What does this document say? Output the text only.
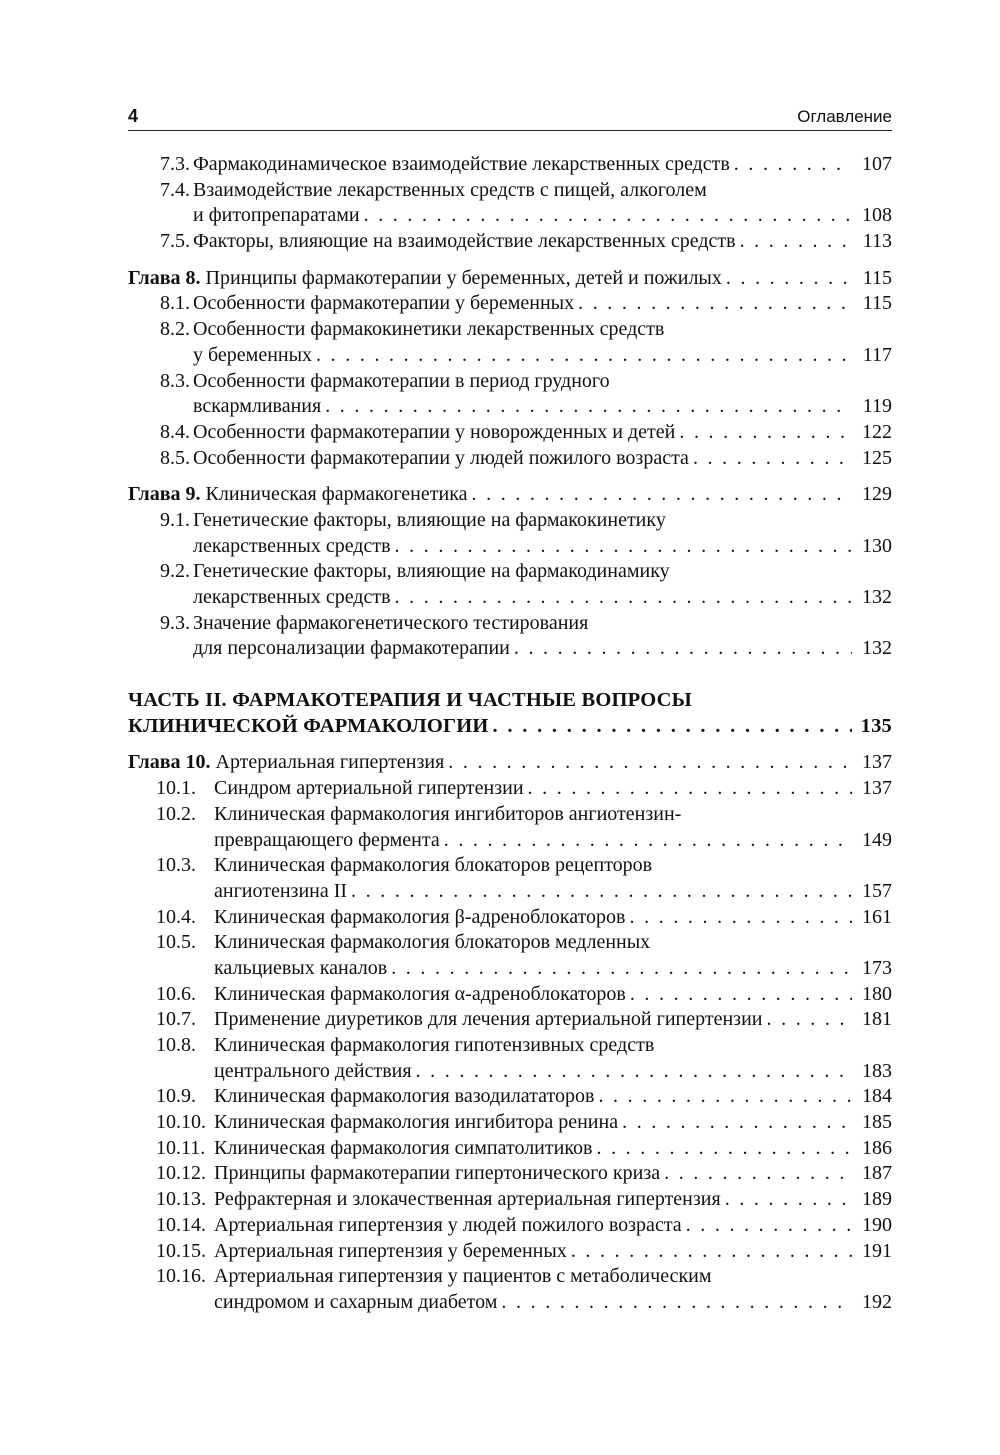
4	Оглавление
7.3. Фармакодинамическое взаимодействие лекарственных средств . . .	107
7.4. Взаимодействие лекарственных средств с пищей, алкоголем
и фитопрепаратами . . .	108
7.5. Факторы, влияющие на взаимодействие лекарственных средств . . .	113
Глава 8. Принципы фармакотерапии у беременных, детей и пожилых . . .	115
8.1. Особенности фармакотерапии у беременных . . .	115
8.2. Особенности фармакокинетики лекарственных средств
у беременных . . .	117
8.3. Особенности фармакотерапии в период грудного
вскармливания . . .	119
8.4. Особенности фармакотерапии у новорожденных и детей . . .	122
8.5. Особенности фармакотерапии у людей пожилого возраста . . .	125
Глава 9. Клиническая фармакогенетика . . .	129
9.1. Генетические факторы, влияющие на фармакокинетику
лекарственных средств . . .	130
9.2. Генетические факторы, влияющие на фармакодинамику
лекарственных средств . . .	132
9.3. Значение фармакогенетического тестирования
для персонализации фармакотерапии . . .	132
ЧАСТЬ II. ФАРМАКОТЕРАПИЯ И ЧАСТНЫЕ ВОПРОСЫ
КЛИНИЧЕСКОЙ ФАРМАКОЛОГИИ . . .	135
Глава 10. Артериальная гипертензия . . .	137
10.1. Синдром артериальной гипертензии . . .	137
10.2. Клиническая фармакология ингибиторов ангиотензин-
превращающего фермента . . .	149
10.3. Клиническая фармакология блокаторов рецепторов
ангиотензина II . . .	157
10.4. Клиническая фармакология β-адреноблокаторов . . .	161
10.5. Клиническая фармакология блокаторов медленных
кальциевых каналов . . .	173
10.6. Клиническая фармакология α-адреноблокаторов . . .	180
10.7. Применение диуретиков для лечения артериальной гипертензии . . .	181
10.8. Клиническая фармакология гипотензивных средств
центрального действия . . .	183
10.9. Клиническая фармакология вазодилататоров . . .	184
10.10. Клиническая фармакология ингибитора ренина . . .	185
10.11. Клиническая фармакология симпатолитиков . . .	186
10.12. Принципы фармакотерапии гипертонического криза . . .	187
10.13. Рефрактерная и злокачественная артериальная гипертензия . . .	189
10.14. Артериальная гипертензия у людей пожилого возраста . . .	190
10.15. Артериальная гипертензия у беременных . . .	191
10.16. Артериальная гипертензия у пациентов с метаболическим
синдромом и сахарным диабетом . . .	192
